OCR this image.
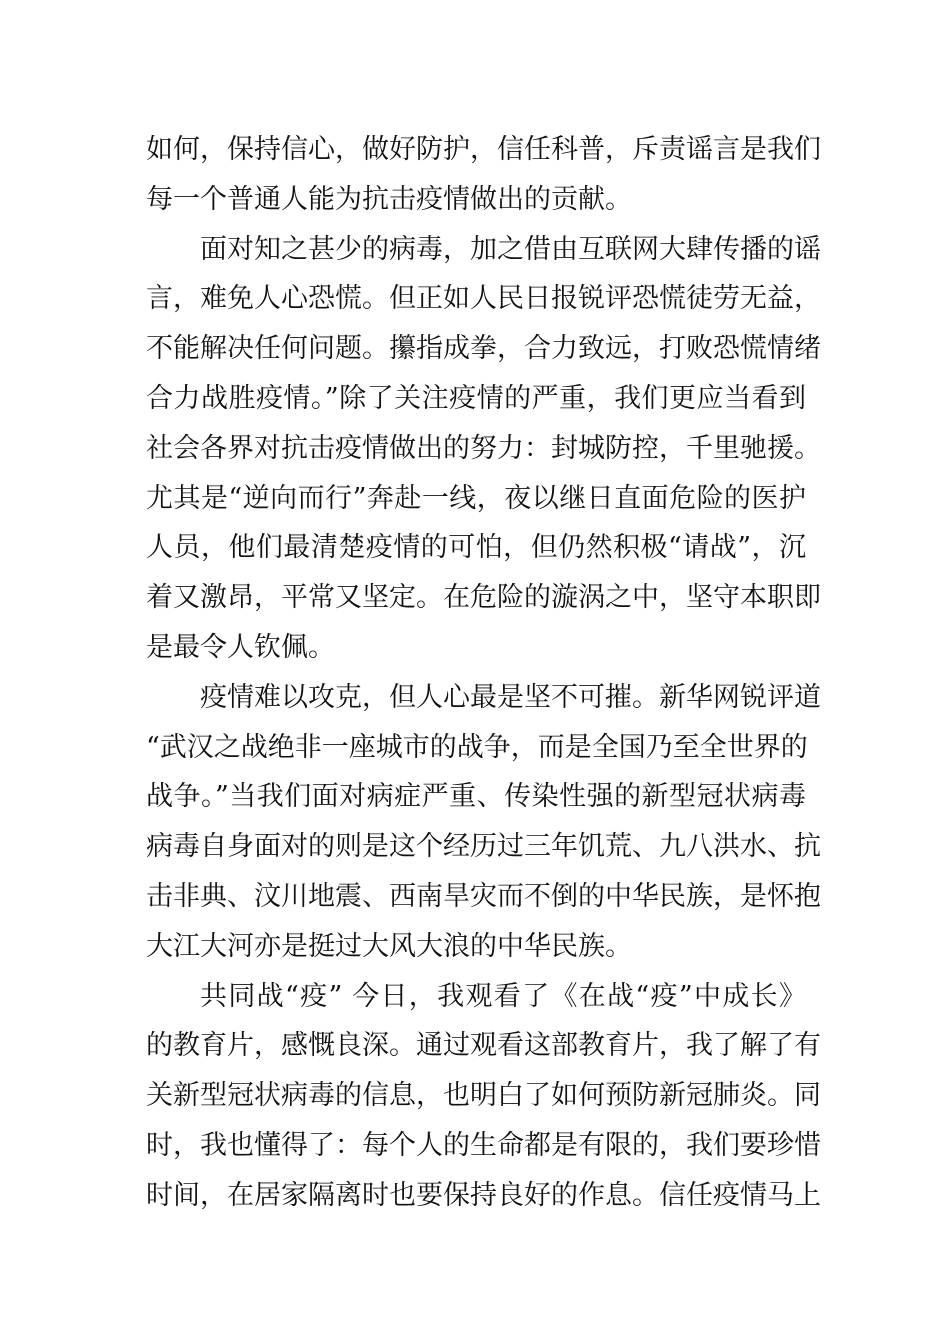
如何，保持信心，做好防护，信任科普，斥责谣言是我们
每一个普通人能为抗击疫情做出的贡献。
面对知之甚少的病毒，加之借由互联网大肆传播的谣
言，难免人心恐慌。但正如人民日报锐评恐慌徒劳无益，
不能解决任何问题。攥指成拳，合力致远，打败恐慌情绪
合力战胜疫情。”除了关注疫情的严重，我们更应当看到
社会各界对抗击疫情做出的努力：封城防控，千里驰援。
尤其是“逆向而行”奔赴一线，夜以继日直面危险的医护
人员，他们最清楚疫情的可怕，但仍然积极“请战”，沉
着又激昂，平常又坚定。在危险的漩涡之中，坚守本职即
是最令人钦佩。
疫情难以攻克，但人心最是坚不可摧。新华网锐评道
“武汉之战绝非一座城市的战争，而是全国乃至全世界的
战争。”当我们面对病症严重、传染性强的新型冠状病毒
病毒自身面对的则是这个经历过三年饥荒、九八洪水、抗
击非典、汶川地震、西南旱灾而不倒的中华民族，是怀抱
大江大河亦是挺过大风大浪的中华民族。
共同战“疫” 今日，我观看了《在战“疫”中成长》
的教育片，感慨良深。通过观看这部教育片，我了解了有
关新型冠状病毒的信息，也明白了如何预防新冠肺炎。同
时，我也懂得了：每个人的生命都是有限的，我们要珍惜
时间，在居家隔离时也要保持良好的作息。信任疫情马上
